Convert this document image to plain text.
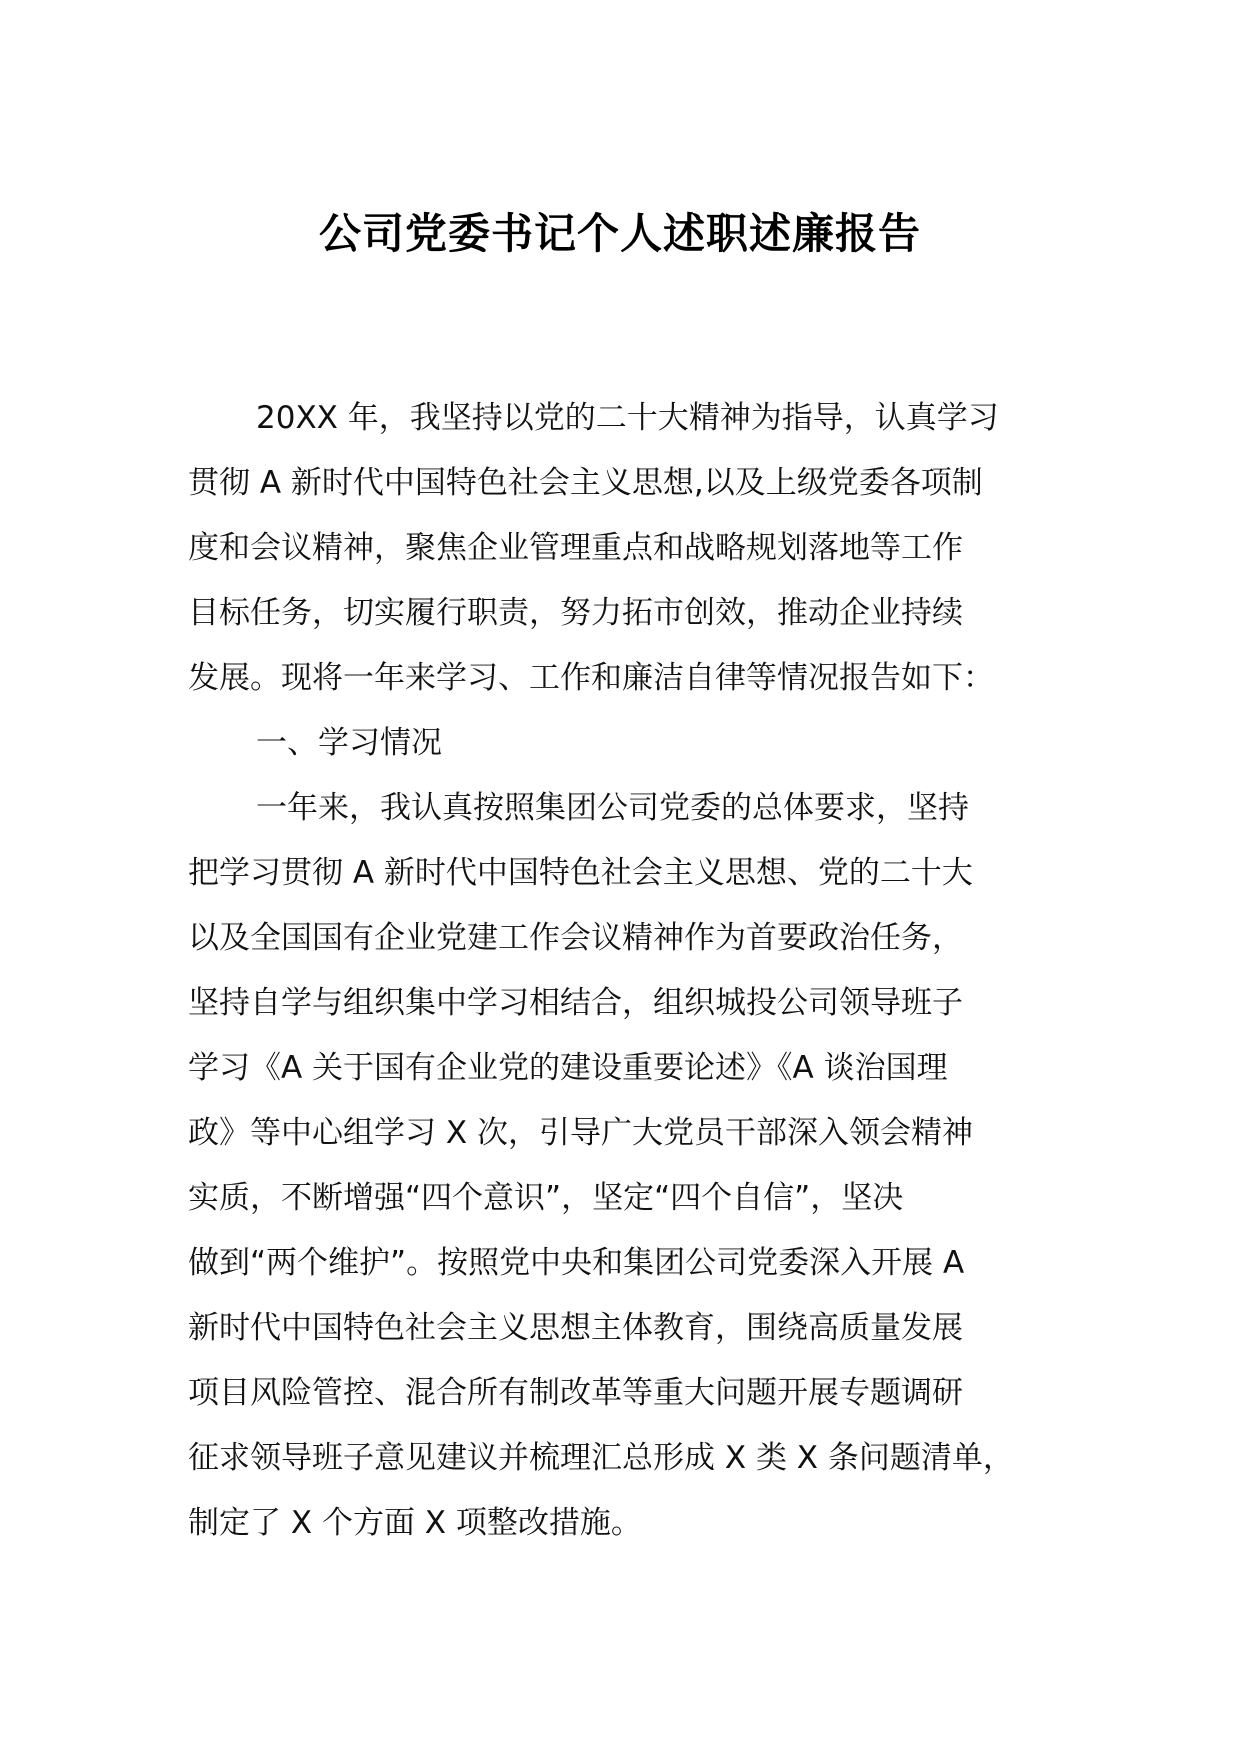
公司党委书记个人述职述廉报告
20XX 年，我坚持以党的二十大精神为指导，认真学习
贯彻 A 新时代中国特色社会主义思想,以及上级党委各项制
度和会议精神，聚焦企业管理重点和战略规划落地等工作
目标任务，切实履行职责，努力拓市创效，推动企业持续
发展。现将一年来学习、工作和廉洁自律等情况报告如下：
一、学习情况
一年来，我认真按照集团公司党委的总体要求，坚持
把学习贯彻 A 新时代中国特色社会主义思想、党的二十大
以及全国国有企业党建工作会议精神作为首要政治任务，
坚持自学与组织集中学习相结合，组织城投公司领导班子
学习《A 关于国有企业党的建设重要论述》《A 谈治国理
政》等中心组学习 X 次，引导广大党员干部深入领会精神
实质，不断增强“四个意识”，坚定“四个自信”，坚决
做到“两个维护”。按照党中央和集团公司党委深入开展 A
新时代中国特色社会主义思想主体教育，围绕高质量发展
项目风险管控、混合所有制改革等重大问题开展专题调研
征求领导班子意见建议并梳理汇总形成 X 类 X 条问题清单，
制定了 X 个方面 X 项整改措施。
